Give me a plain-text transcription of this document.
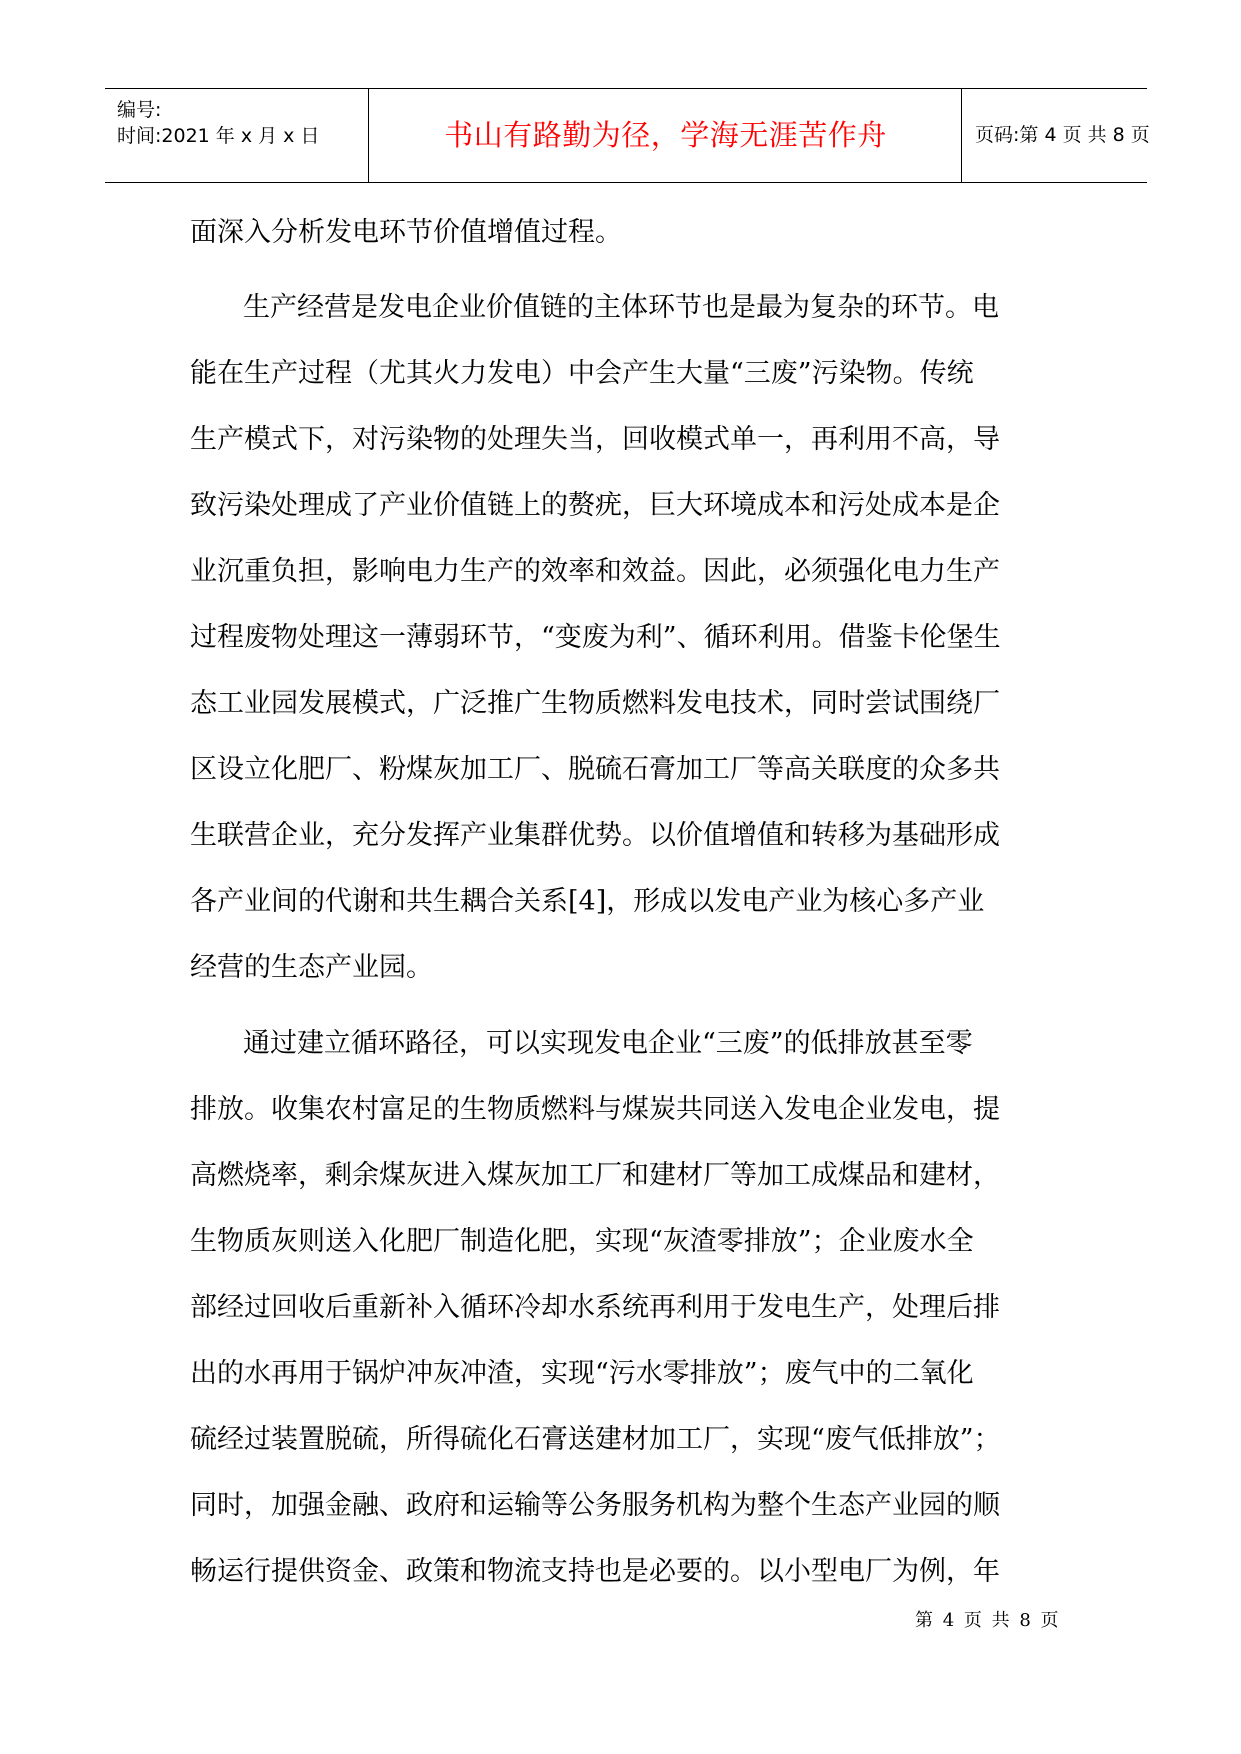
编号:
时间:2021 年 x 月 x 日	书山有路勤为径，学海无涯苦作舟	页码:第 4 页 共 8 页
面深入分析发电环节价值增值过程。
生产经营是发电企业价值链的主体环节也是最为复杂的环节。电
能在生产过程（尤其火力发电）中会产生大量“三废”污染物。传统
生产模式下，对污染物的处理失当，回收模式单一，再利用不高，导
致污染处理成了产业价值链上的赘疣，巨大环境成本和污处成本是企
业沉重负担，影响电力生产的效率和效益。因此，必须强化电力生产
过程废物处理这一薄弱环节，“变废为利”、循环利用。借鉴卡伦堡生
态工业园发展模式，广泛推广生物质燃料发电技术，同时尝试围绕厂
区设立化肥厂、粉煤灰加工厂、脱硫石膏加工厂等高关联度的众多共
生联营企业，充分发挥产业集群优势。以价值增值和转移为基础形成
各产业间的代谢和共生耦合关系[4]，形成以发电产业为核心多产业
经营的生态产业园。
通过建立循环路径，可以实现发电企业“三废”的低排放甚至零
排放。收集农村富足的生物质燃料与煤炭共同送入发电企业发电，提
高燃烧率，剩余煤灰进入煤灰加工厂和建材厂等加工成煤品和建材，
生物质灰则送入化肥厂制造化肥，实现“灰渣零排放”；企业废水全
部经过回收后重新补入循环冷却水系统再利用于发电生产，处理后排
出的水再用于锅炉冲灰冲渣，实现“污水零排放”；废气中的二氧化
硫经过装置脱硫，所得硫化石膏送建材加工厂，实现“废气低排放”；
同时，加强金融、政府和运输等公务服务机构为整个生态产业园的顺
畅运行提供资金、政策和物流支持也是必要的。以小型电厂为例，年
第 4 页 共 8 页
